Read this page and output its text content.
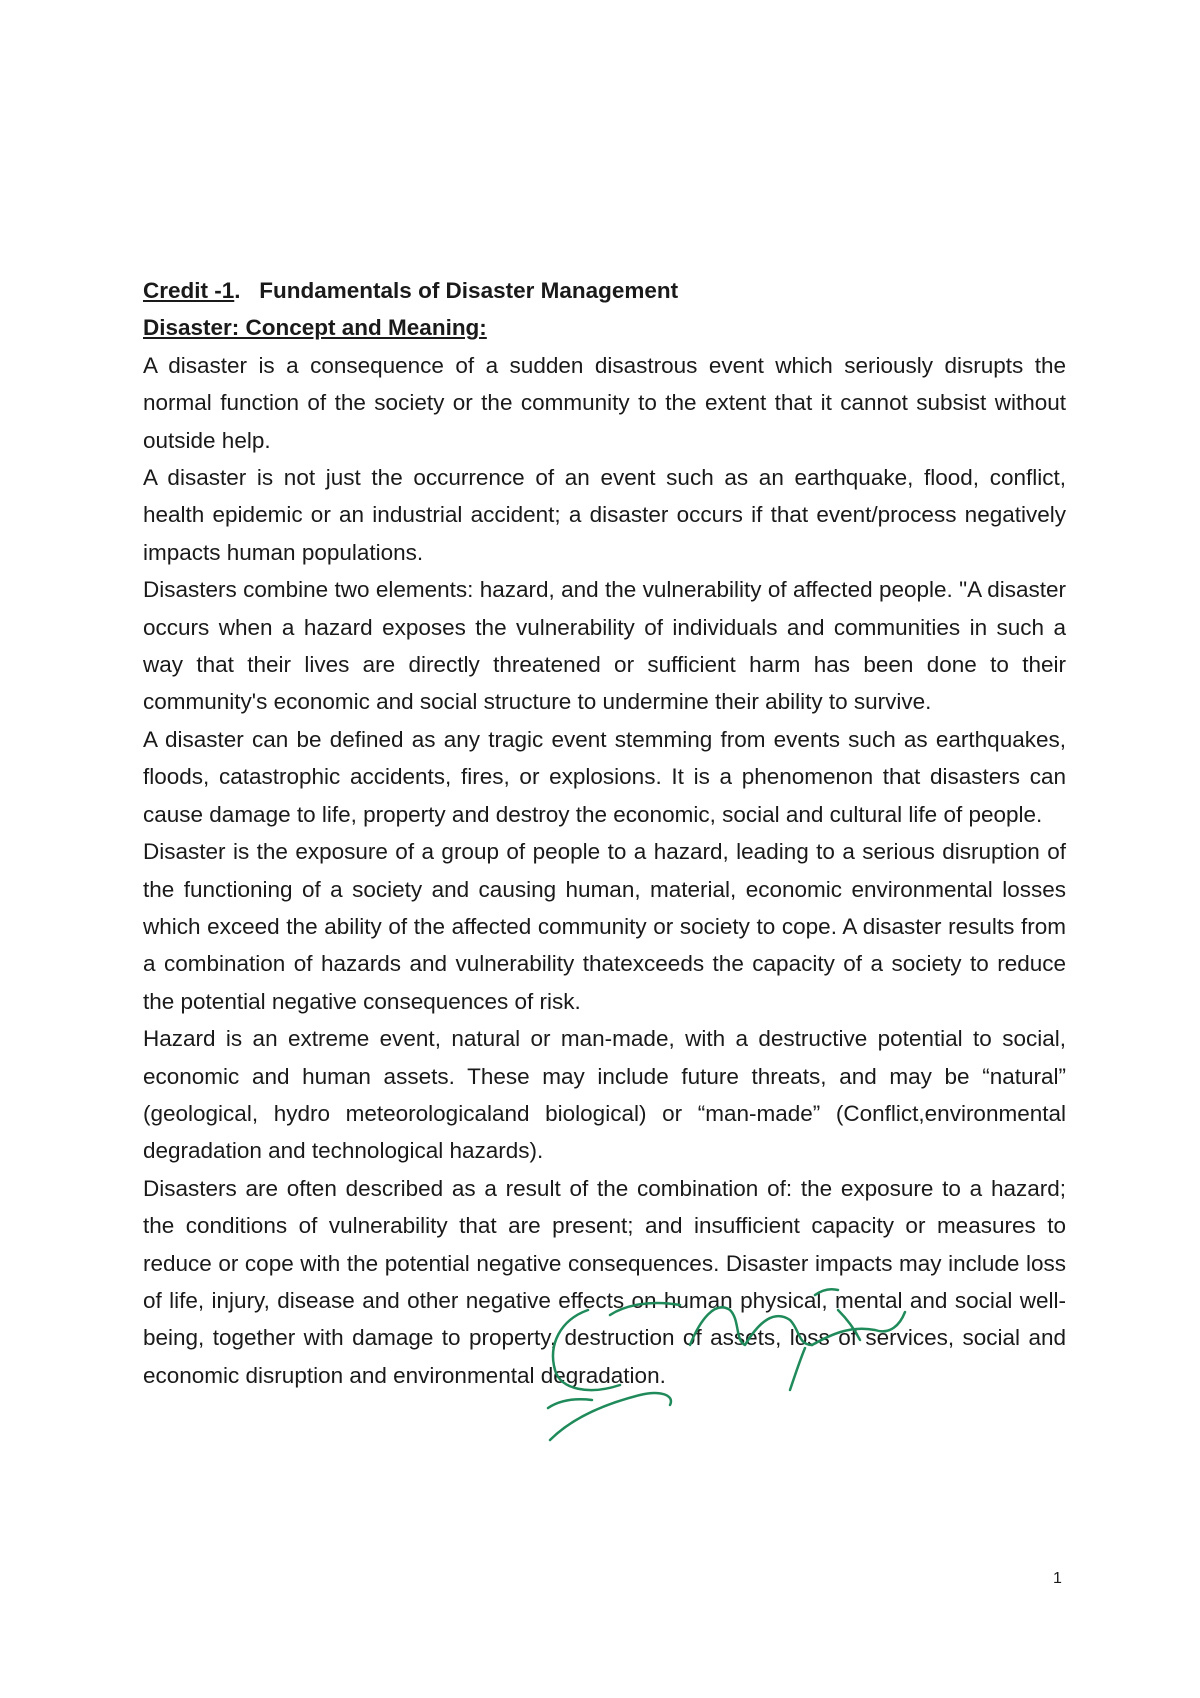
Credit -1. Fundamentals of Disaster Management

Disaster: Concept and Meaning:

A disaster is a consequence of a sudden disastrous event which seriously disrupts the normal function of the society or the community to the extent that it cannot subsist without outside help.

A disaster is not just the occurrence of an event such as an earthquake, flood, conflict, health epidemic or an industrial accident; a disaster occurs if that event/process negatively impacts human populations.

Disasters combine two elements: hazard, and the vulnerability of affected people. "A disaster occurs when a hazard exposes the vulnerability of individuals and communities in such a way that their lives are directly threatened or sufficient harm has been done to their community's economic and social structure to undermine their ability to survive.

A disaster can be defined as any tragic event stemming from events such as earthquakes, floods, catastrophic accidents, fires, or explosions. It is a phenomenon that disasters can cause damage to life, property and destroy the economic, social and cultural life of people.

Disaster is the exposure of a group of people to a hazard, leading to a serious disruption of the functioning of a society and causing human, material, economic environmental losses which exceed the ability of the affected community or society to cope. A disaster results from a combination of hazards and vulnerability thatexceeds the capacity of a society to reduce the potential negative consequences of risk.

Hazard is an extreme event, natural or man-made, with a destructive potential to social, economic and human assets. These may include future threats, and may be “natural” (geological, hydro meteorologicaland biological) or “man-made” (Conflict,environmental degradation and technological hazards).

Disasters are often described as a result of the combination of: the exposure to a hazard; the conditions of vulnerability that are present; and insufficient capacity or measures to reduce or cope with the potential negative consequences. Disaster impacts may include loss of life, injury, disease and other negative effects on human physical, mental and social well-being, together with damage to property, destruction of assets, loss of services, social and economic disruption and environmental degradation.

1
